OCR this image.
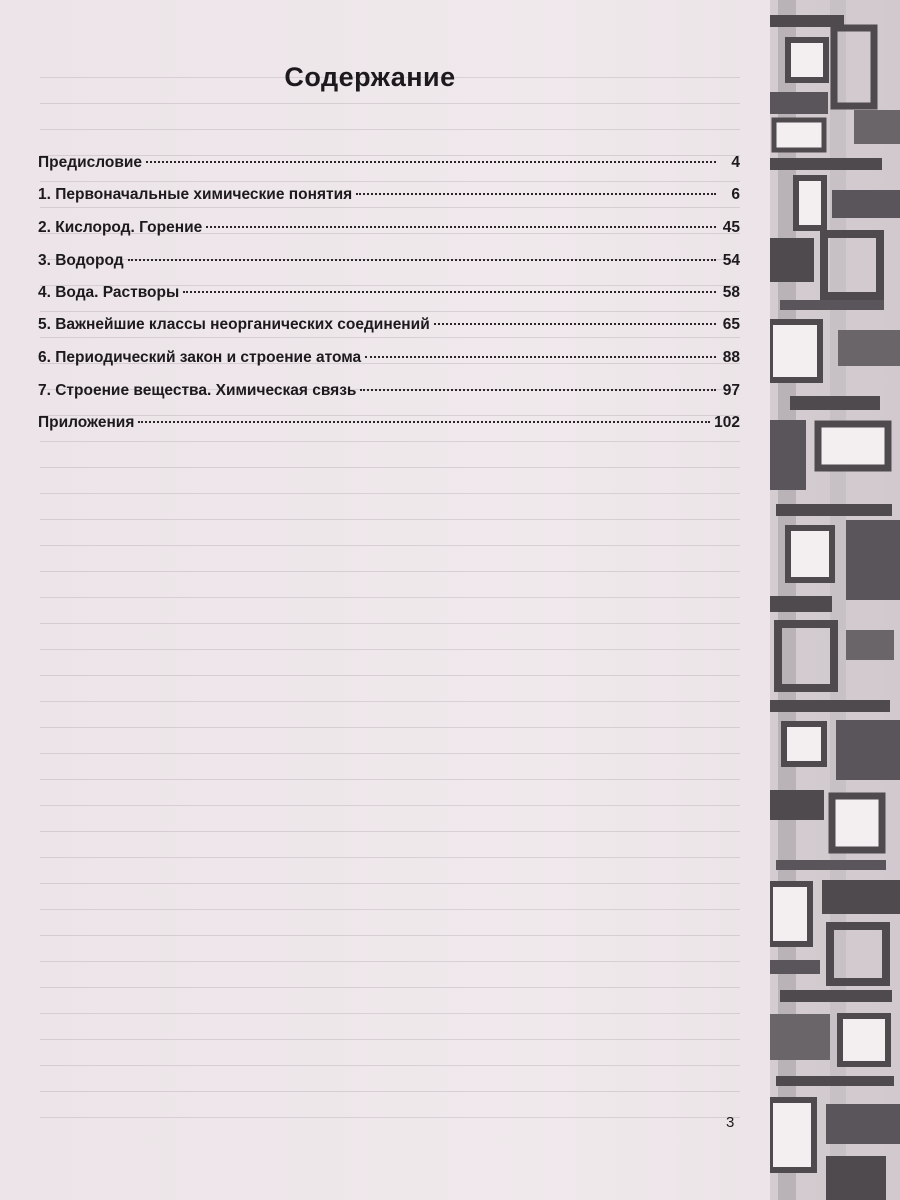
Содержание
Предисловие	4
1. Первоначальные химические понятия	6
2. Кислород. Горение	45
3. Водород	54
4. Вода. Растворы	58
5. Важнейшие классы неорганических соединений	65
6. Периодический закон и строение атома	88
7. Строение вещества. Химическая связь	97
Приложения	102
3
